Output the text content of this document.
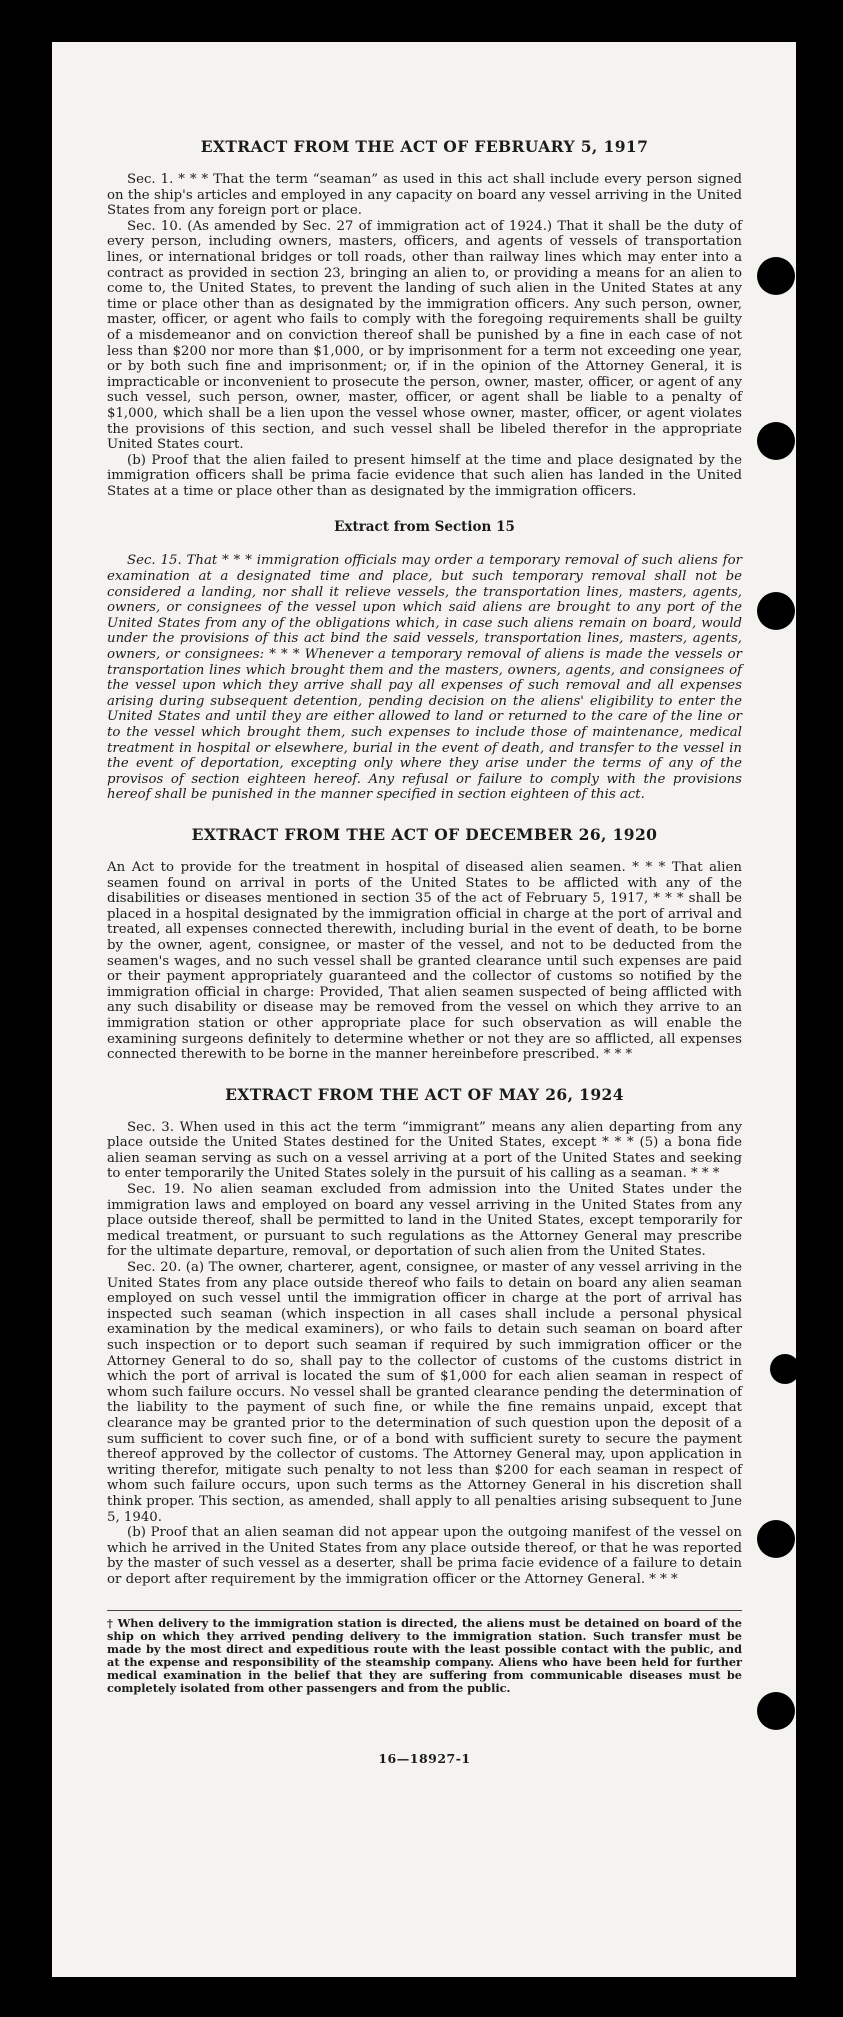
EXTRACT FROM THE ACT OF FEBRUARY 5, 1917

Sec. 1. * * * That the term “seaman” as used in this act shall include every person signed on the ship's articles and employed in any capacity on board any vessel arriving in the United States from any foreign port or place.

Sec. 10. (As amended by Sec. 27 of immigration act of 1924.) That it shall be the duty of every person, including owners, masters, officers, and agents of vessels of transportation lines, or international bridges or toll roads, other than railway lines which may enter into a contract as provided in section 23, bringing an alien to, or providing a means for an alien to come to, the United States, to prevent the landing of such alien in the United States at any time or place other than as designated by the immigration officers. Any such person, owner, master, officer, or agent who fails to comply with the foregoing requirements shall be guilty of a misdemeanor and on conviction thereof shall be punished by a fine in each case of not less than $200 nor more than $1,000, or by imprisonment for a term not exceeding one year, or by both such fine and imprisonment; or, if in the opinion of the Attorney General, it is impracticable or inconvenient to prosecute the person, owner, master, officer, or agent of any such vessel, such person, owner, master, officer, or agent shall be liable to a penalty of $1,000, which shall be a lien upon the vessel whose owner, master, officer, or agent violates the provisions of this section, and such vessel shall be libeled therefor in the appropriate United States court.

(b) Proof that the alien failed to present himself at the time and place designated by the immigration officers shall be prima facie evidence that such alien has landed in the United States at a time or place other than as designated by the immigration officers.

Extract from Section 15

Sec. 15. That * * * immigration officials may order a temporary removal of such aliens for examination at a designated time and place, but such temporary removal shall not be considered a landing, nor shall it relieve vessels, the transportation lines, masters, agents, owners, or consignees of the vessel upon which said aliens are brought to any port of the United States from any of the obligations which, in case such aliens remain on board, would under the provisions of this act bind the said vessels, transportation lines, masters, agents, owners, or consignees: * * * Whenever a temporary removal of aliens is made the vessels or transportation lines which brought them and the masters, owners, agents, and consignees of the vessel upon which they arrive shall pay all expenses of such removal and all expenses arising during subsequent detention, pending decision on the aliens' eligibility to enter the United States and until they are either allowed to land or returned to the care of the line or to the vessel which brought them, such expenses to include those of maintenance, medical treatment in hospital or elsewhere, burial in the event of death, and transfer to the vessel in the event of deportation, excepting only where they arise under the terms of any of the provisos of section eighteen hereof. Any refusal or failure to comply with the provisions hereof shall be punished in the manner specified in section eighteen of this act.

EXTRACT FROM THE ACT OF DECEMBER 26, 1920

An Act to provide for the treatment in hospital of diseased alien seamen. * * * That alien seamen found on arrival in ports of the United States to be afflicted with any of the disabilities or diseases mentioned in section 35 of the act of February 5, 1917, * * * shall be placed in a hospital designated by the immigration official in charge at the port of arrival and treated, all expenses connected therewith, including burial in the event of death, to be borne by the owner, agent, consignee, or master of the vessel, and not to be deducted from the seamen's wages, and no such vessel shall be granted clearance until such expenses are paid or their payment appropriately guaranteed and the collector of customs so notified by the immigration official in charge: Provided, That alien seamen suspected of being afflicted with any such disability or disease may be removed from the vessel on which they arrive to an immigration station or other appropriate place for such observation as will enable the examining surgeons definitely to determine whether or not they are so afflicted, all expenses connected therewith to be borne in the manner hereinbefore prescribed. * * *

EXTRACT FROM THE ACT OF MAY 26, 1924

Sec. 3. When used in this act the term “immigrant” means any alien departing from any place outside the United States destined for the United States, except * * * (5) a bona fide alien seaman serving as such on a vessel arriving at a port of the United States and seeking to enter temporarily the United States solely in the pursuit of his calling as a seaman. * * *

Sec. 19. No alien seaman excluded from admission into the United States under the immigration laws and employed on board any vessel arriving in the United States from any place outside thereof, shall be permitted to land in the United States, except temporarily for medical treatment, or pursuant to such regulations as the Attorney General may prescribe for the ultimate departure, removal, or deportation of such alien from the United States.

Sec. 20. (a) The owner, charterer, agent, consignee, or master of any vessel arriving in the United States from any place outside thereof who fails to detain on board any alien seaman employed on such vessel until the immigration officer in charge at the port of arrival has inspected such seaman (which inspection in all cases shall include a personal physical examination by the medical examiners), or who fails to detain such seaman on board after such inspection or to deport such seaman if required by such immigration officer or the Attorney General to do so, shall pay to the collector of customs of the customs district in which the port of arrival is located the sum of $1,000 for each alien seaman in respect of whom such failure occurs. No vessel shall be granted clearance pending the determination of the liability to the payment of such fine, or while the fine remains unpaid, except that clearance may be granted prior to the determination of such question upon the deposit of a sum sufficient to cover such fine, or of a bond with sufficient surety to secure the payment thereof approved by the collector of customs. The Attorney General may, upon application in writing therefor, mitigate such penalty to not less than $200 for each seaman in respect of whom such failure occurs, upon such terms as the Attorney General in his discretion shall think proper. This section, as amended, shall apply to all penalties arising subsequent to June 5, 1940.

(b) Proof that an alien seaman did not appear upon the outgoing manifest of the vessel on which he arrived in the United States from any place outside thereof, or that he was reported by the master of such vessel as a deserter, shall be prima facie evidence of a failure to detain or deport after requirement by the immigration officer or the Attorney General. * * *

† When delivery to the immigration station is directed, the aliens must be detained on board of the ship on which they arrived pending delivery to the immigration station. Such transfer must be made by the most direct and expeditious route with the least possible contact with the public, and at the expense and responsibility of the steamship company. Aliens who have been held for further medical examination in the belief that they are suffering from communicable diseases must be completely isolated from other passengers and from the public.
16—18927-1
